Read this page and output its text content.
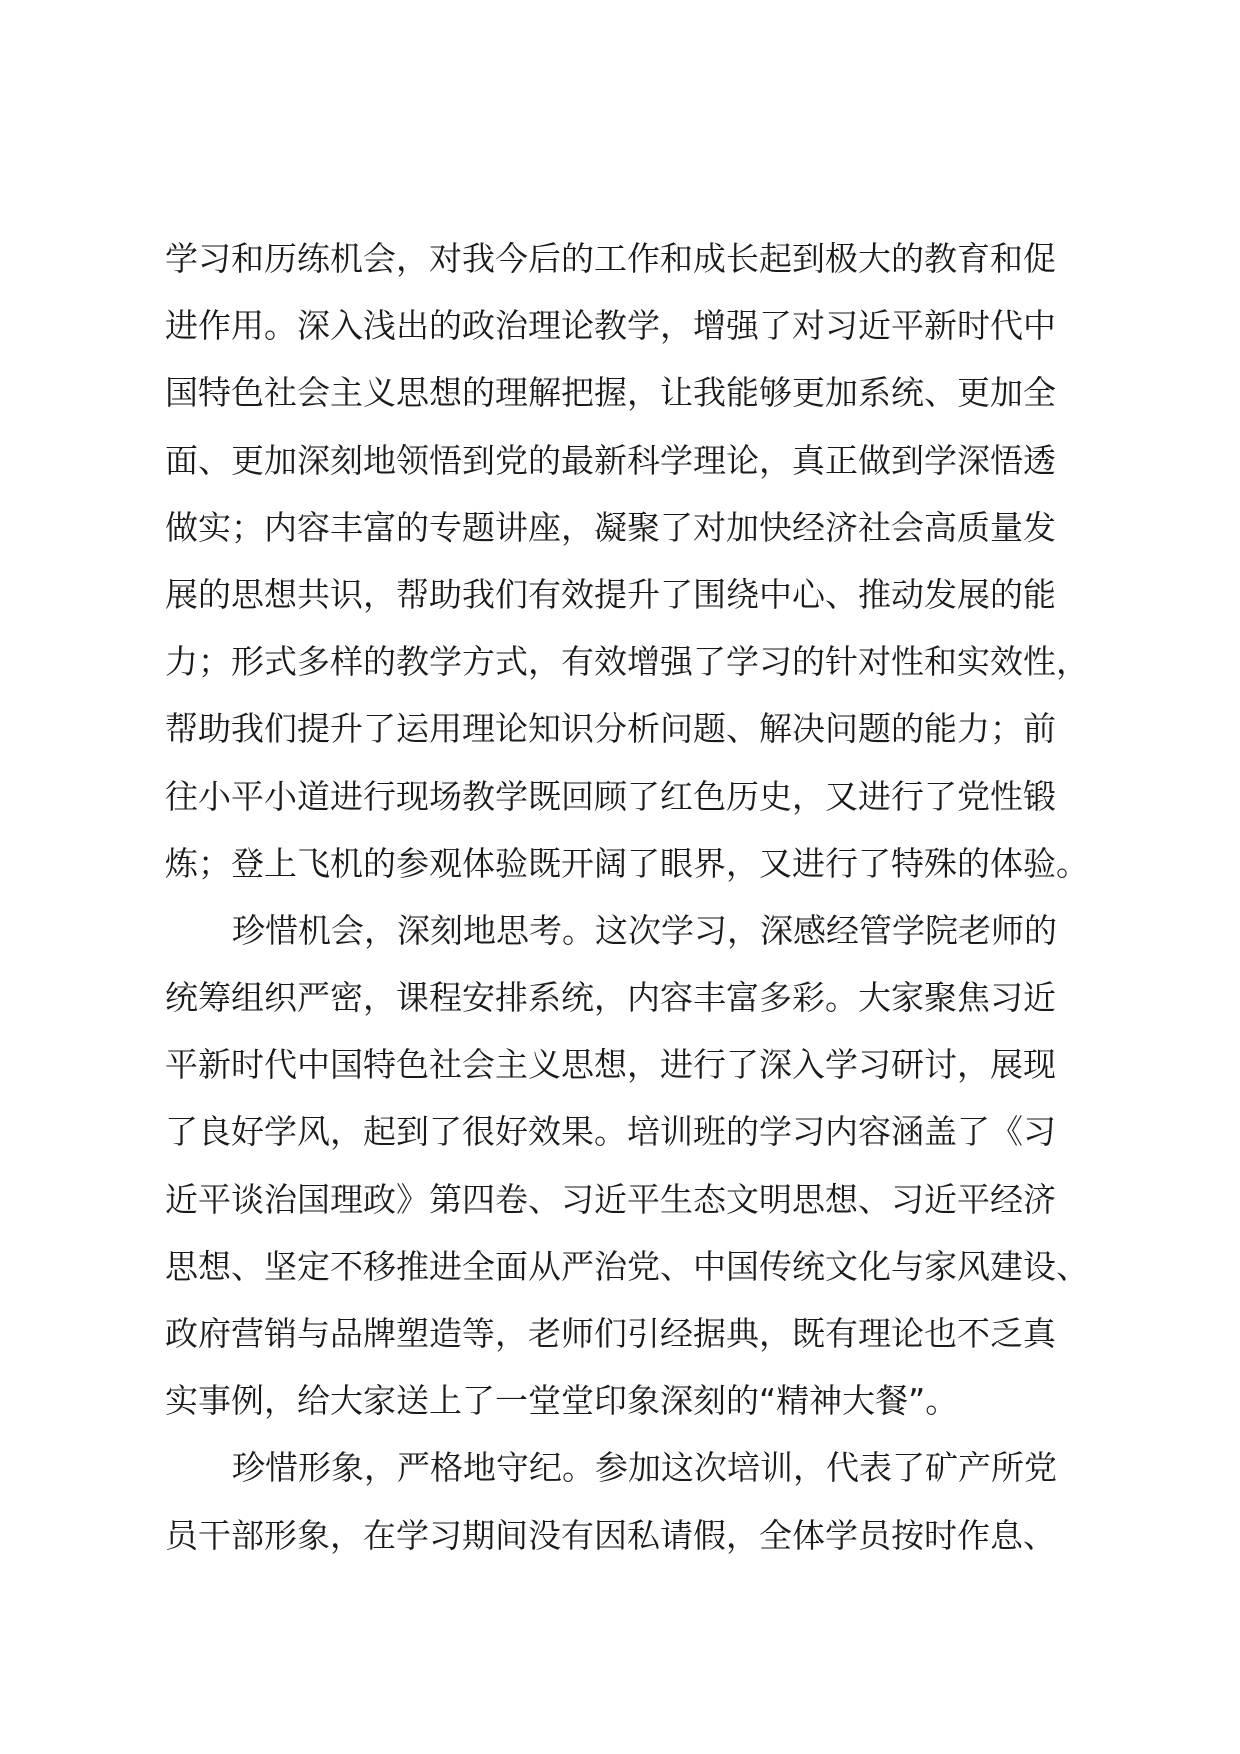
学习和历练机会，对我今后的工作和成长起到极大的教育和促
进作用。深入浅出的政治理论教学，增强了对习近平新时代中
国特色社会主义思想的理解把握，让我能够更加系统、更加全
面、更加深刻地领悟到党的最新科学理论，真正做到学深悟透
做实；内容丰富的专题讲座，凝聚了对加快经济社会高质量发
展的思想共识，帮助我们有效提升了围绕中心、推动发展的能
力；形式多样的教学方式，有效增强了学习的针对性和实效性，
帮助我们提升了运用理论知识分析问题、解决问题的能力；前
往小平小道进行现场教学既回顾了红色历史，又进行了党性锻
炼；登上飞机的参观体验既开阔了眼界，又进行了特殊的体验。
珍惜机会，深刻地思考。这次学习，深感经管学院老师的
统筹组织严密，课程安排系统，内容丰富多彩。大家聚焦习近
平新时代中国特色社会主义思想，进行了深入学习研讨，展现
了良好学风，起到了很好效果。培训班的学习内容涵盖了《习
近平谈治国理政》第四卷、习近平生态文明思想、习近平经济
思想、坚定不移推进全面从严治党、中国传统文化与家风建设、
政府营销与品牌塑造等，老师们引经据典，既有理论也不乏真
实事例，给大家送上了一堂堂印象深刻的“精神大餐”。
珍惜形象，严格地守纪。参加这次培训，代表了矿产所党
员干部形象，在学习期间没有因私请假，全体学员按时作息、
